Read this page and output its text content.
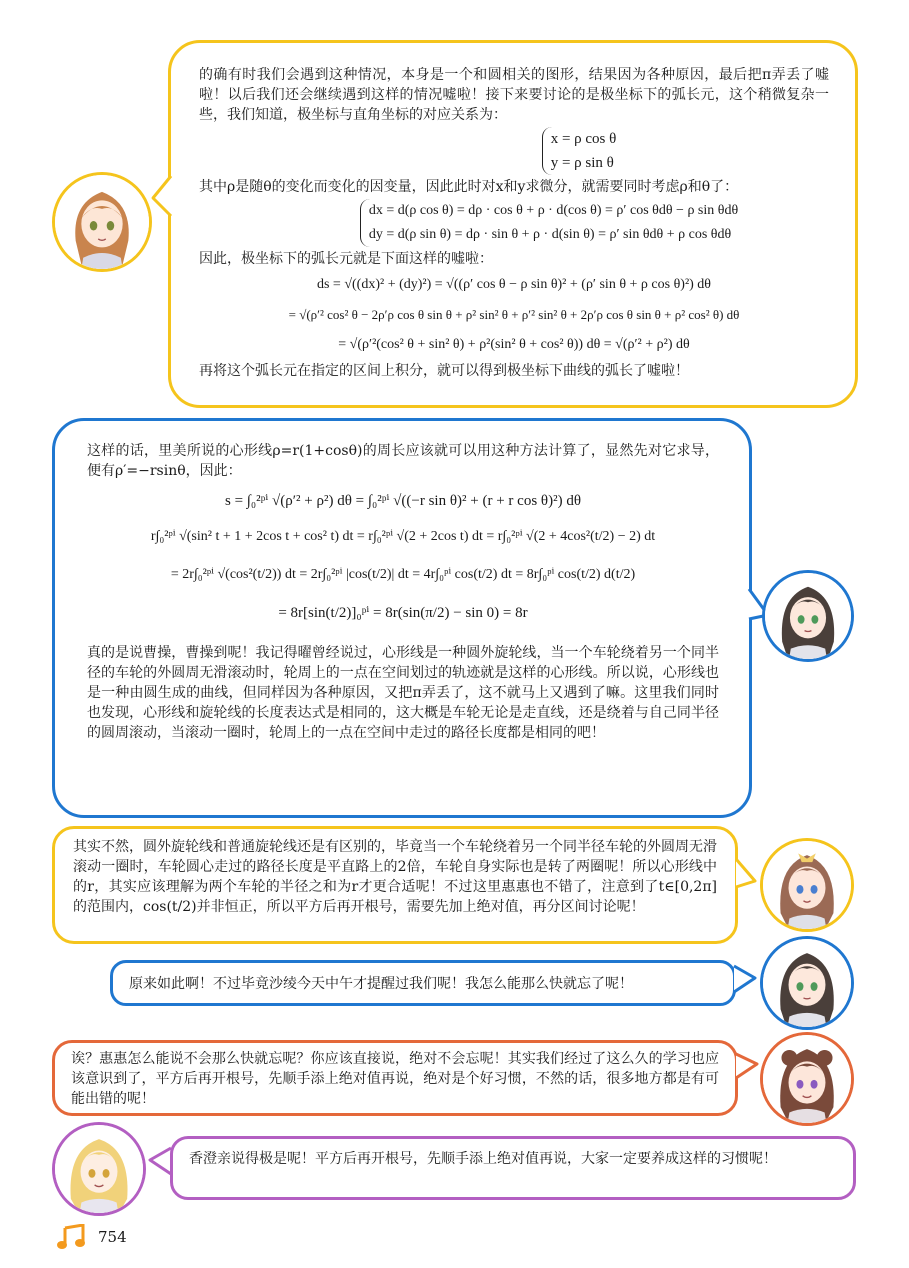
的确有时我们会遇到这种情况，本身是一个和圆相关的图形，结果因为各种原因，最后把π弄丢了嘘啦！以后我们还会继续遇到这样的情况嘘啦！接下来要讨论的是极坐标下的弧长元，这个稍微复杂一些，我们知道，极坐标与直角坐标的对应关系为：

x = ρ cos θ
y = ρ sin θ

其中ρ是随θ的变化而变化的因变量，因此此时对x和y求微分，就需要同时考虑ρ和θ了：

dx = d(ρ cos θ) = dρ · cos θ + ρ · d(cos θ) = ρ′ cos θdθ − ρ sin θdθ
dy = d(ρ sin θ) = dρ · sin θ + ρ · d(sin θ) = ρ′ sin θdθ + ρ cos θdθ

因此，极坐标下的弧长元就是下面这样的嘘啦：

ds = √((dx)² + (dy)²) = √((ρ′ cos θ − ρ sin θ)² + (ρ′ sin θ + ρ cos θ)²) dθ

= √(ρ′² cos² θ − 2ρ′ρ cos θ sin θ + ρ² sin² θ + ρ′² sin² θ + 2ρ′ρ cos θ sin θ + ρ² cos² θ) dθ

= √(ρ′²(cos² θ + sin² θ) + ρ²(sin² θ + cos² θ)) dθ = √(ρ′² + ρ²) dθ

再将这个弧长元在指定的区间上积分，就可以得到极坐标下曲线的弧长了嘘啦！

这样的话，里美所说的心形线ρ=r(1+cosθ)的周长应该就可以用这种方法计算了，显然先对它求导，便有ρ′=−rsinθ，因此：

s = ∫₀²ᵖⁱ √(ρ′² + ρ²) dθ = ∫₀²ᵖⁱ √((−r sin θ)² + (r + r cos θ)²) dθ

r∫₀²ᵖⁱ √(sin² t + 1 + 2cos t + cos² t) dt = r∫₀²ᵖⁱ √(2 + 2cos t) dt = r∫₀²ᵖⁱ √(2 + 4cos²(t/2) − 2) dt

= 2r∫₀²ᵖⁱ √(cos²(t/2)) dt = 2r∫₀²ᵖⁱ |cos(t/2)| dt = 4r∫₀ᵖⁱ cos(t/2) dt = 8r∫₀ᵖⁱ cos(t/2) d(t/2)

= 8r[sin(t/2)]₀ᵖⁱ = 8r(sin(π/2) − sin 0) = 8r

真的是说曹操，曹操到呢！我记得曜曾经说过，心形线是一种圆外旋轮线，当一个车轮绕着另一个同半径的车轮的外圆周无滑滚动时，轮周上的一点在空间划过的轨迹就是这样的心形线。所以说，心形线也是一种由圆生成的曲线，但同样因为各种原因，又把π弄丢了，这不就马上又遇到了嘛。这里我们同时也发现，心形线和旋轮线的长度表达式是相同的，这大概是车轮无论是走直线，还是绕着与自己同半径的圆周滚动，当滚动一圈时，轮周上的一点在空间中走过的路径长度都是相同的吧！

其实不然，圆外旋轮线和普通旋轮线还是有区别的，毕竟当一个车轮绕着另一个同半径车轮的外圆周无滑滚动一圈时，车轮圆心走过的路径长度是平直路上的2倍，车轮自身实际也是转了两圈呢！所以心形线中的r，其实应该理解为两个车轮的半径之和为r才更合适呢！不过这里惠惠也不错了，注意到了t∈[0,2π]的范围内，cos(t/2)并非恒正，所以平方后再开根号，需要先加上绝对值，再分区间讨论呢！

原来如此啊！不过毕竟沙绫今天中午才提醒过我们呢！我怎么能那么快就忘了呢！

诶？惠惠怎么能说不会那么快就忘呢？你应该直接说，绝对不会忘呢！其实我们经过了这么久的学习也应该意识到了，平方后再开根号，先顺手添上绝对值再说，绝对是个好习惯，不然的话，很多地方都是有可能出错的呢！

香澄亲说得极是呢！平方后再开根号，先顺手添上绝对值再说，大家一定要养成这样的习惯呢！

754
